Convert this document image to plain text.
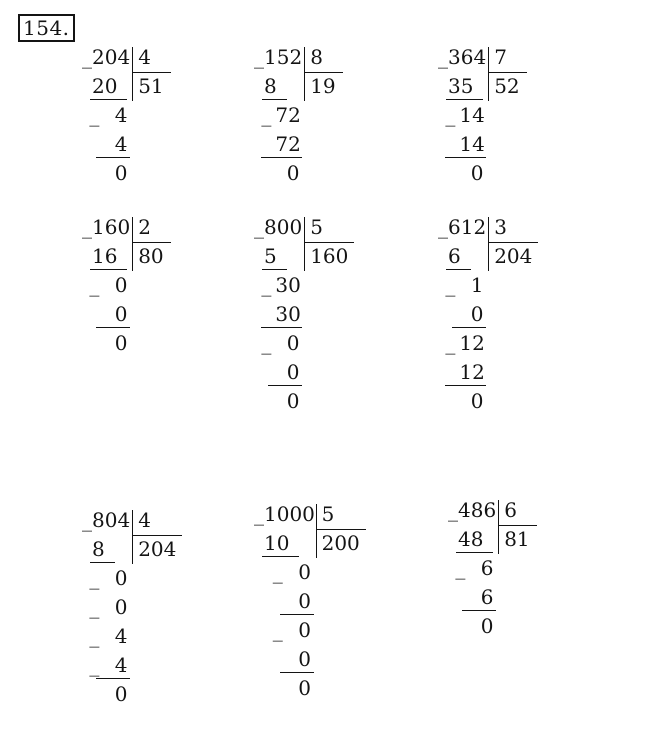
154.
_ 204 4
51
20
4
_
4
0
_ 152 8
19
8
72
_
72
0
_ 364 7
52
35
14
_
14
0
_ 160 2
80
16
0
_
0
0
_ 800 5
160
5
30
_
30
0
_
0
0
_ 612 3
204
6
1
_
0
12
_
12
0
_ 804 4
204
8
0
_
0
_
4
_
4
_
0
_ 1000 5
200
10
0
_
0
0
_
0
0
_ 486 6
81
48
6
_
6
0
